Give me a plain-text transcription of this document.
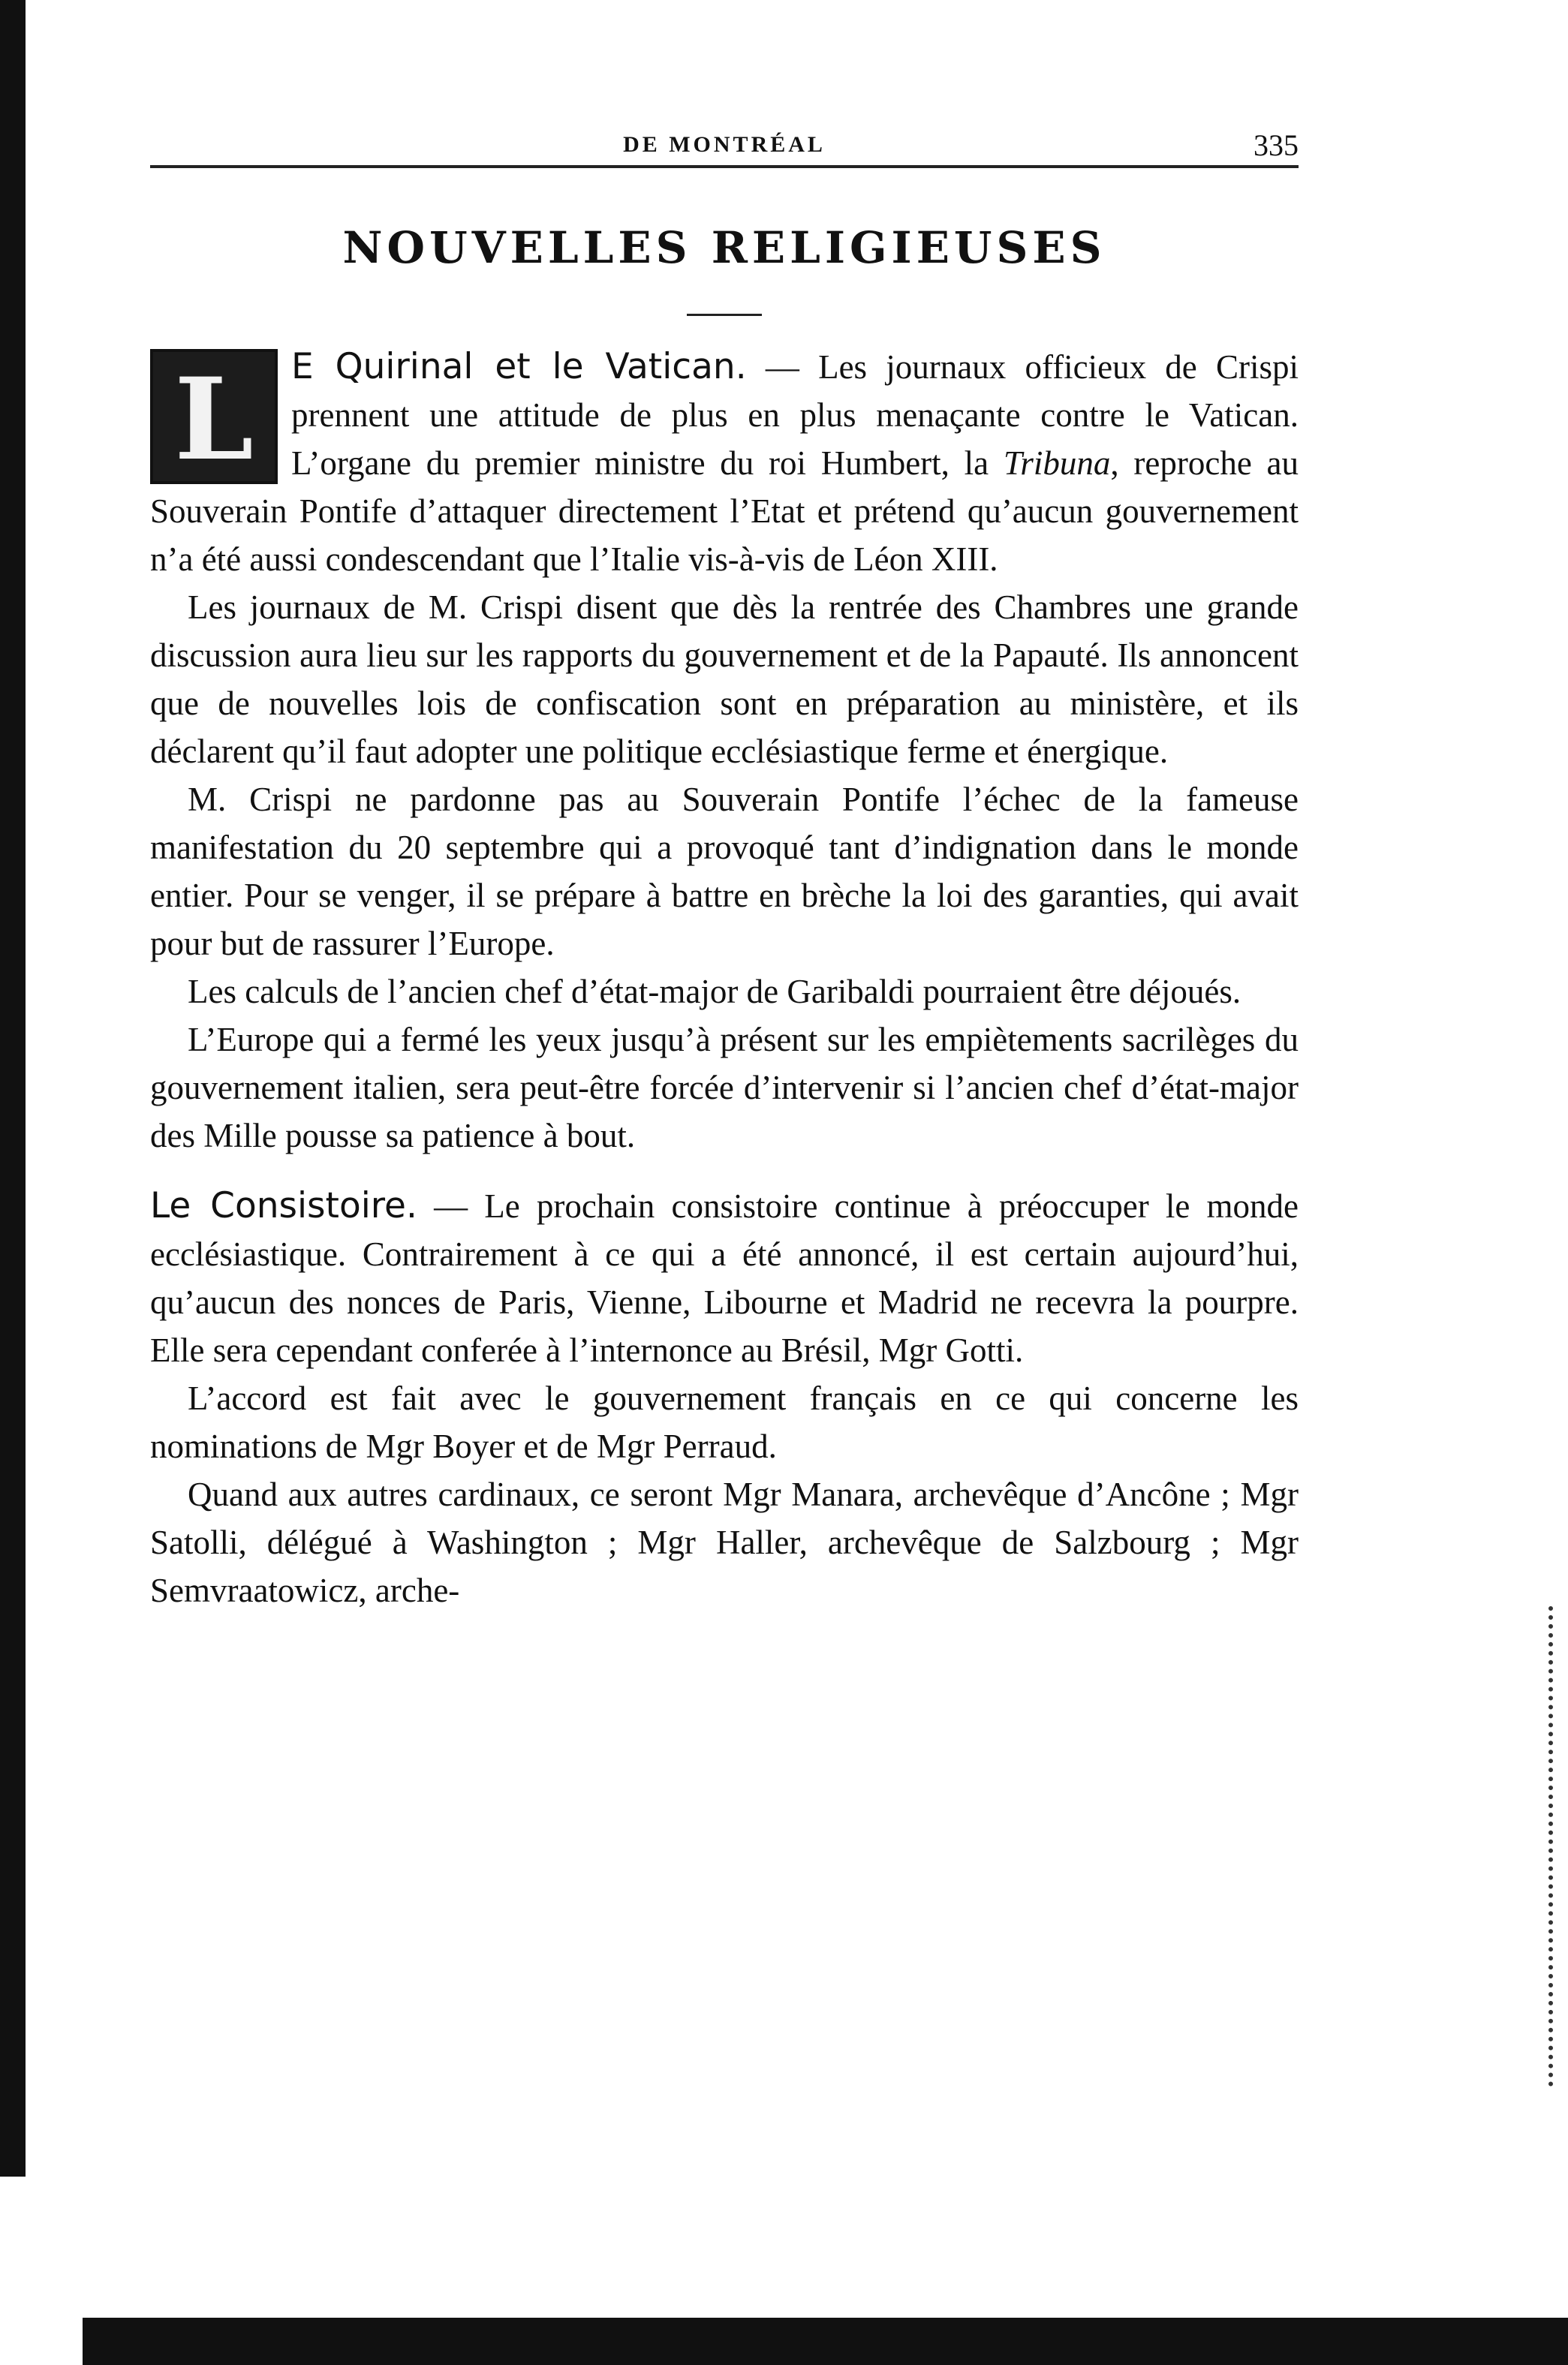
DE MONTRÉAL	335
NOUVELLES RELIGIEUSES
L	E Quirinal et le Vatican. — Les journaux officieux de Crispi prennent une attitude de plus en plus menaçante contre le Vatican. L’organe du premier ministre du roi Humbert, la Tribuna, reproche au Souverain Pontife d’attaquer directement l’Etat et prétend qu’aucun gouvernement n’a été aussi condescendant que l’Italie vis-à-vis de Léon XIII.

Les journaux de M. Crispi disent que dès la rentrée des Chambres une grande discussion aura lieu sur les rapports du gouvernement et de la Papauté. Ils annoncent que de nouvelles lois de confiscation sont en préparation au ministère, et ils déclarent qu’il faut adopter une politique ecclésiastique ferme et énergique.

M. Crispi ne pardonne pas au Souverain Pontife l’échec de la fameuse manifestation du 20 septembre qui a provoqué tant d’indignation dans le monde entier. Pour se venger, il se prépare à battre en brèche la loi des garanties, qui avait pour but de rassurer l’Europe.

Les calculs de l’ancien chef d’état-major de Garibaldi pourraient être déjoués.

L’Europe qui a fermé les yeux jusqu’à présent sur les empiètements sacrilèges du gouvernement italien, sera peut-être forcée d’intervenir si l’ancien chef d’état-major des Mille pousse sa patience à bout.

Le Consistoire. — Le prochain consistoire continue à préoccuper le monde ecclésiastique. Contrairement à ce qui a été annoncé, il est certain aujourd’hui, qu’aucun des nonces de Paris, Vienne, Libourne et Madrid ne recevra la pourpre. Elle sera cependant conferée à l’internonce au Brésil, Mgr Gotti.

L’accord est fait avec le gouvernement français en ce qui concerne les nominations de Mgr Boyer et de Mgr Perraud.

Quand aux autres cardinaux, ce seront Mgr Manara, archevêque d’Ancône ; Mgr Satolli, délégué à Washington ; Mgr Haller, archevêque de Salzbourg ; Mgr Semvraatowicz, arche-
